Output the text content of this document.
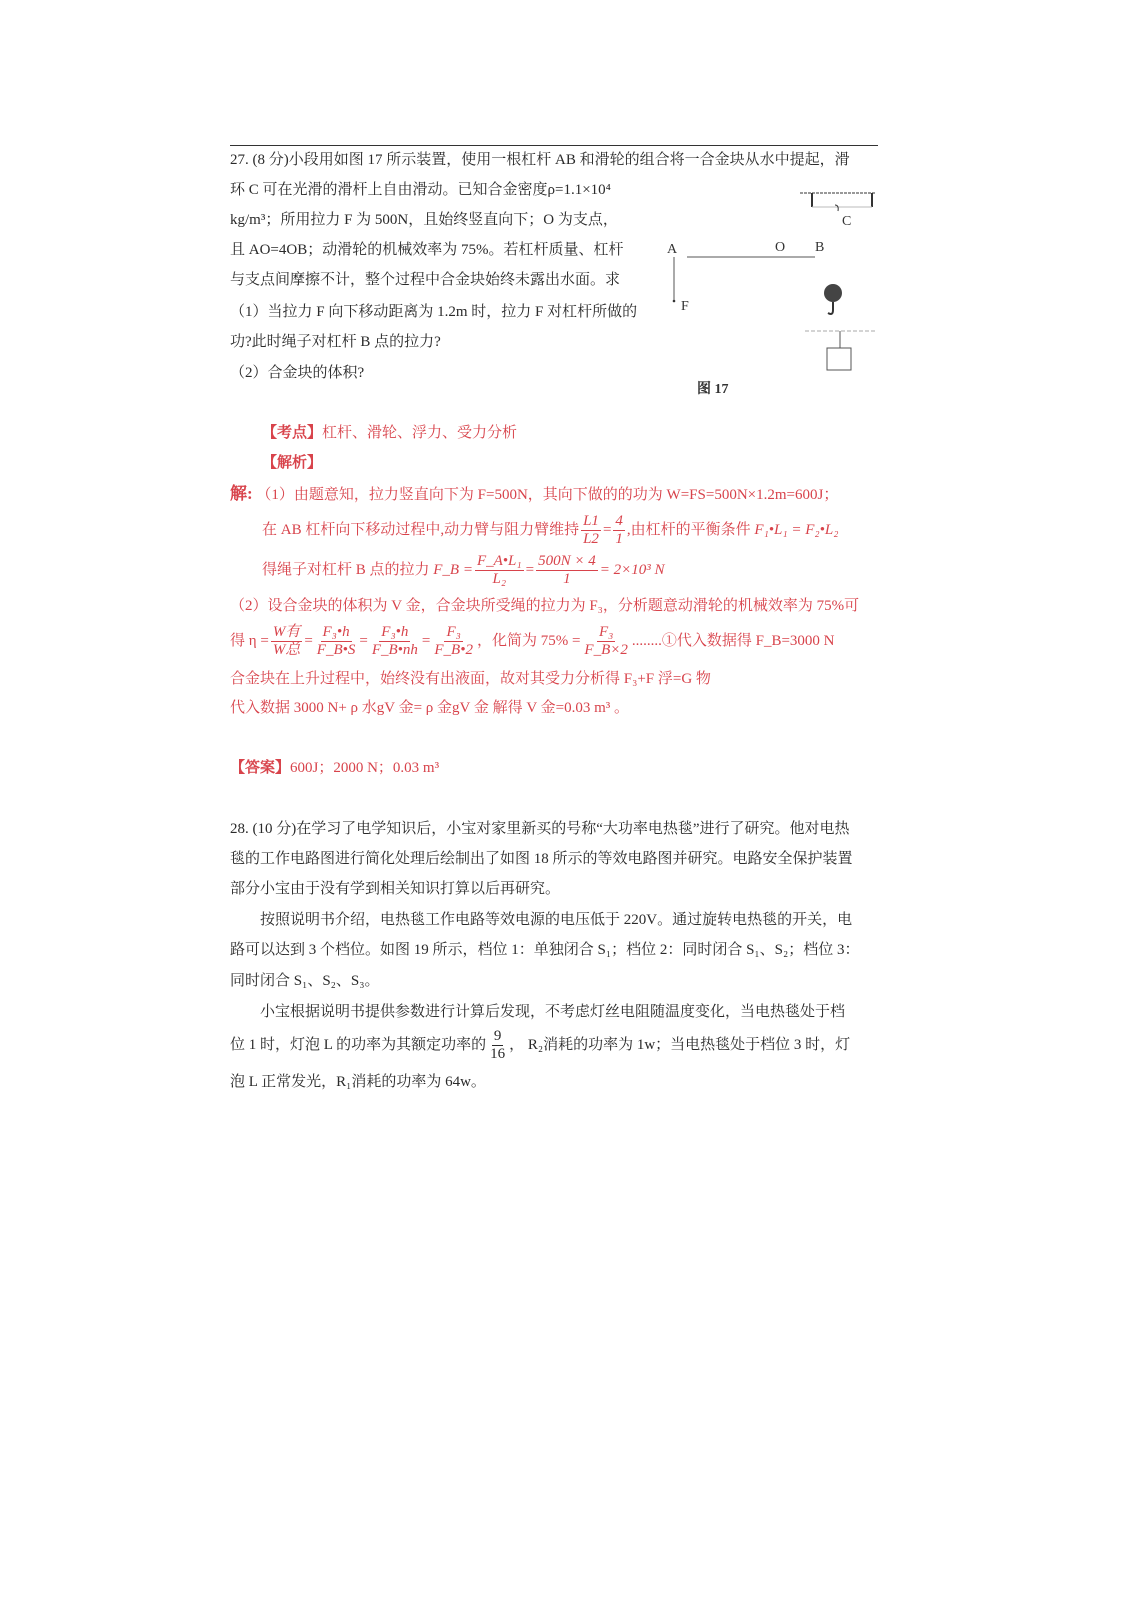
27. (8 分)小段用如图 17 所示装置，使用一根杠杆 AB 和滑轮的组合将一合金块从水中提起，滑
环 C 可在光滑的滑杆上自由滑动。已知合金密度ρ=1.1×10⁴
kg/m³；所用拉力 F 为 500N，且始终竖直向下；O 为支点，
且 AO=4OB；动滑轮的机械效率为 75%。若杠杆质量、杠杆
与支点间摩擦不计，整个过程中合金块始终未露出水面。求
（1）当拉力 F 向下移动距离为 1.2m 时，拉力 F 对杠杆所做的
功?此时绳子对杠杆 B 点的拉力?
（2）合金块的体积?
C
A	O B
F
图 17
【考点】杠杆、滑轮、浮力、受力分析
【解析】
解: （1）由题意知，拉力竖直向下为 F=500N，其向下做的的功为 W=FS=500N×1.2m=600J；
在 AB 杠杆向下移动过程中,动力臂与阻力臂维持 $\frac{L1}{L2} = \frac{4}{1}$ ,由杠杆的平衡条件 F₁•L₁ = F₂•L₂
得绳子对杠杆 B 点的拉力 F_B = $\frac{\text{F\_A•L₁}}{\text{L₂}} = \frac{500N \times 4}{1} = 2\times 10^3$ N
（2）设合金块的体积为 V 金，合金块所受绳的拉力为 F₃，分析题意动滑轮的机械效率为 75%可
得 $\eta = \frac{\text{W有}}{\text{W总}} = \frac{\text{F₃•h}}{F\_B•S} = \frac{\text{F₃•h}}{F\_B•nh} = \frac{\text{F₃}}{F\_B•2}$ ，化简为 $75\% = \frac{\text{F₃}}{F\_B\times 2}$ ........①代入数据得 F_B=3000 N
合金块在上升过程中，始终没有出液面，故对其受力分析得 F₃+F 浮=G 物
代入数据 3000 N+ ρ 水gV 金= ρ 金gV 金 解得 V 金=0.03 m³ 。
【答案】600J；2000 N；0.03 m³
28. (10 分)在学习了电学知识后，小宝对家里新买的号称“大功率电热毯”进行了研究。他对电热
毯的工作电路图进行简化处理后绘制出了如图 18 所示的等效电路图并研究。电路安全保护装置
部分小宝由于没有学到相关知识打算以后再研究。
　　按照说明书介绍，电热毯工作电路等效电源的电压低于 220V。通过旋转电热毯的开关，电
路可以达到 3 个档位。如图 19 所示，档位 1：单独闭合 S₁；档位 2：同时闭合 S₁、S₂；档位 3：
同时闭合 S₁、S₂、S₃。
　　小宝根据说明书提供参数进行计算后发现，不考虑灯丝电阻随温度变化，当电热毯处于档
位 1 时，灯泡 L 的功率为其额定功率的 $\frac{9}{16}$ ， R₂消耗的功率为 1w；当电热毯处于档位 3 时，灯
泡 L 正常发光，R₁消耗的功率为 64w。
